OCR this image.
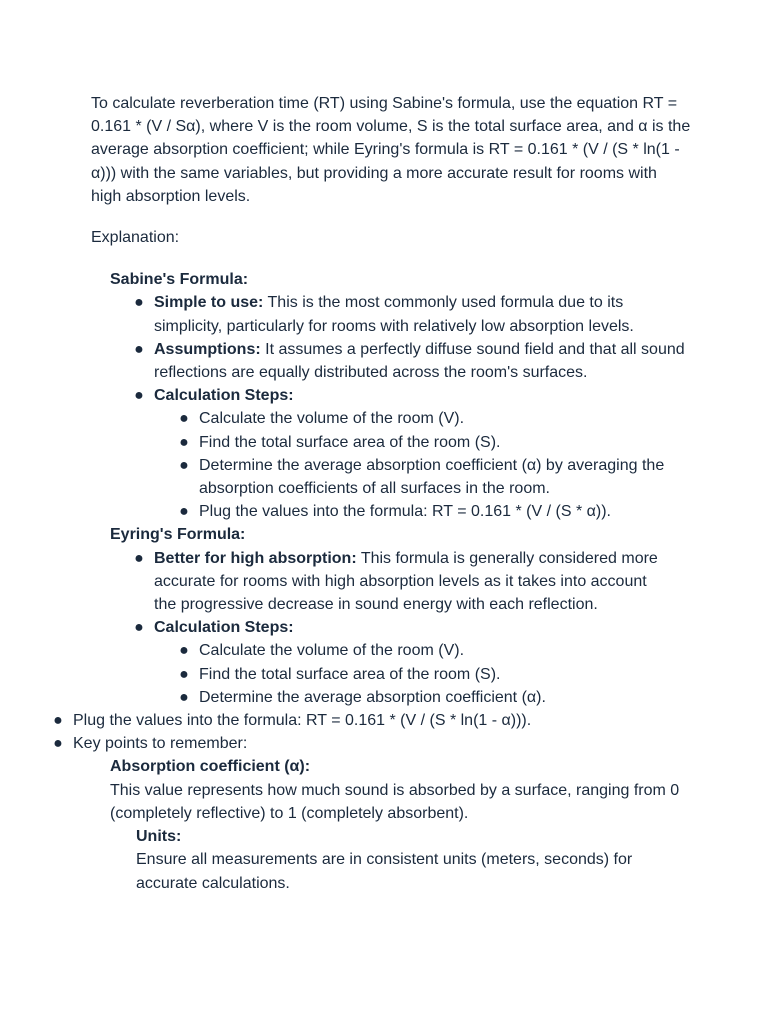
To calculate reverberation time (RT) using Sabine's formula, use the equation RT = 0.161 * (V / Sα), where V is the room volume, S is the total surface area, and α is the average absorption coefficient; while Eyring's formula is RT = 0.161 * (V / (S * ln(1 - α))) with the same variables, but providing a more accurate result for rooms with high absorption levels.
Explanation:
Sabine's Formula:
● Simple to use: This is the most commonly used formula due to its simplicity, particularly for rooms with relatively low absorption levels.
● Assumptions: It assumes a perfectly diffuse sound field and that all sound reflections are equally distributed across the room's surfaces.
● Calculation Steps:
● Calculate the volume of the room (V).
● Find the total surface area of the room (S).
● Determine the average absorption coefficient (α) by averaging the absorption coefficients of all surfaces in the room.
● Plug the values into the formula: RT = 0.161 * (V / (S * α)).
Eyring's Formula:
● Better for high absorption: This formula is generally considered more accurate for rooms with high absorption levels as it takes into account the progressive decrease in sound energy with each reflection.
● Calculation Steps:
● Calculate the volume of the room (V).
● Find the total surface area of the room (S).
● Determine the average absorption coefficient (α).
● Plug the values into the formula: RT = 0.161 * (V / (S * ln(1 - α))).
● Key points to remember:
Absorption coefficient (α):
This value represents how much sound is absorbed by a surface, ranging from 0 (completely reflective) to 1 (completely absorbent).
Units:
Ensure all measurements are in consistent units (meters, seconds) for accurate calculations.
